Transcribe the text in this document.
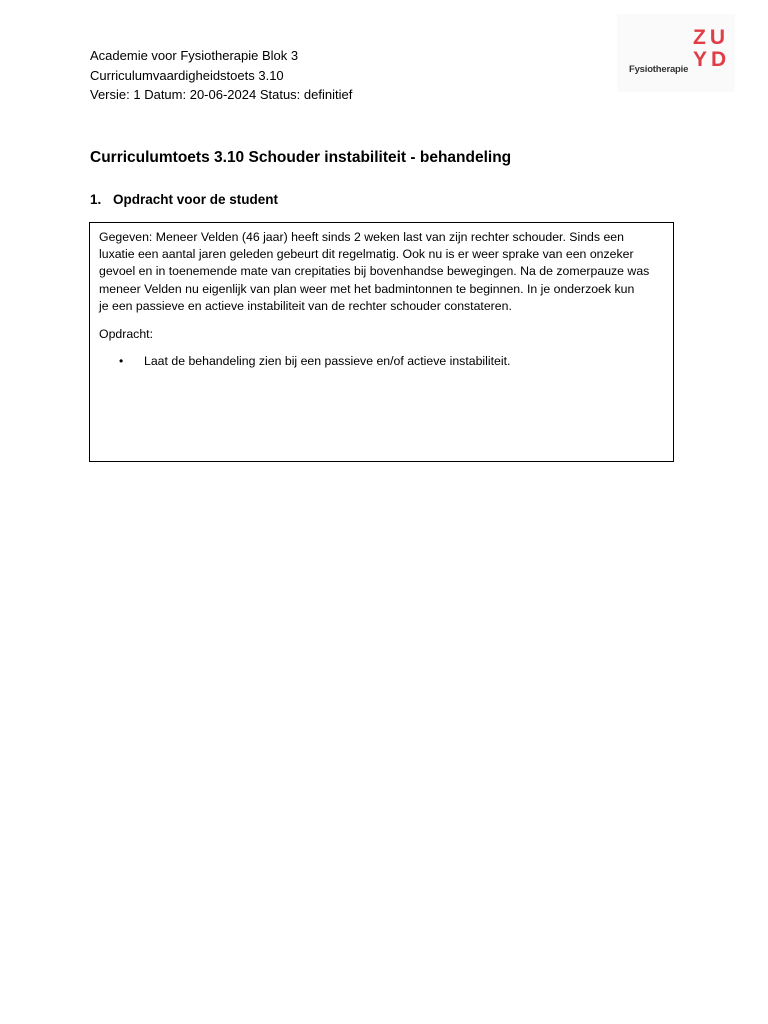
Academie voor Fysiotherapie Blok 3
Curriculumvaardigheidstoets 3.10
Versie: 1 Datum: 20-06-2024 Status: definitief
Fysiotherapie
ZU
YD
Curriculumtoets 3.10 Schouder instabiliteit - behandeling
1. Opdracht voor de student

Gegeven: Meneer Velden (46 jaar) heeft sinds 2 weken last van zijn rechter schouder. Sinds een
luxatie een aantal jaren geleden gebeurt dit regelmatig. Ook nu is er weer sprake van een onzeker
gevoel en in toenemende mate van crepitaties bij bovenhandse bewegingen. Na de zomerpauze was
meneer Velden nu eigenlijk van plan weer met het badmintonnen te beginnen. In je onderzoek kun
je een passieve en actieve instabiliteit van de rechter schouder constateren.

Opdracht:

• Laat de behandeling zien bij een passieve en/of actieve instabiliteit.
